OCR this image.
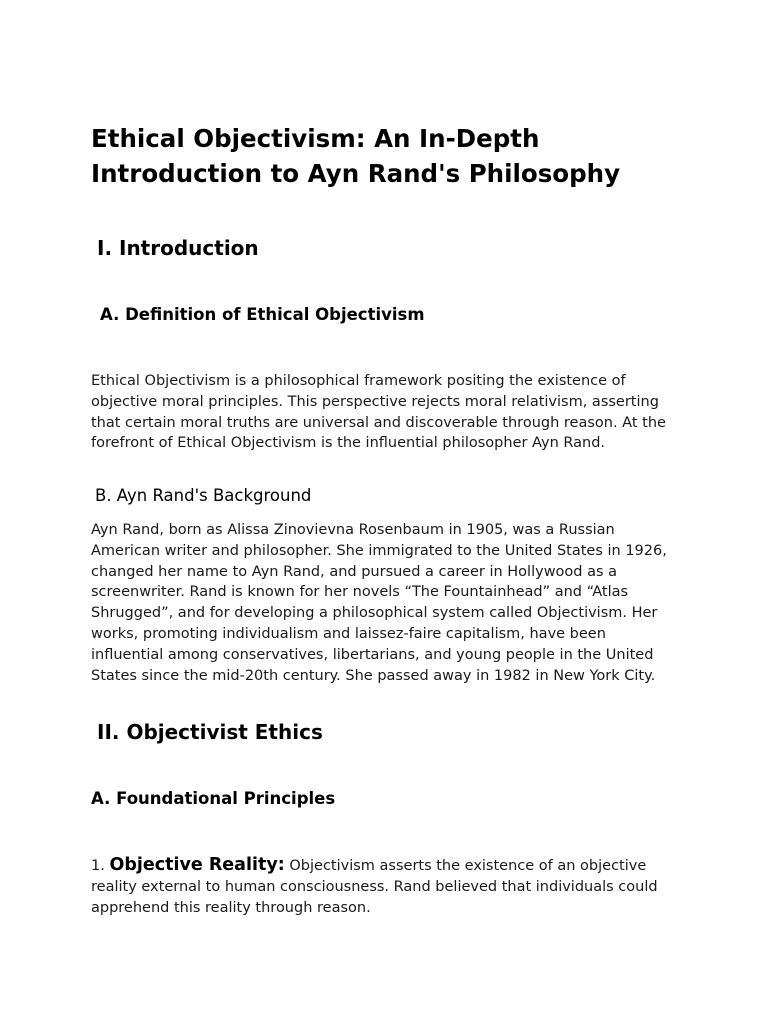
Ethical Objectivism: An In-Depth Introduction to Ayn Rand's Philosophy
I. Introduction
A. Definition of Ethical Objectivism

Ethical Objectivism is a philosophical framework positing the existence of objective moral principles. This perspective rejects moral relativism, asserting that certain moral truths are universal and discoverable through reason. At the forefront of Ethical Objectivism is the influential philosopher Ayn Rand.

B. Ayn Rand's Background

Ayn Rand, born as Alissa Zinovievna Rosenbaum in 1905, was a Russian American writer and philosopher. She immigrated to the United States in 1926, changed her name to Ayn Rand, and pursued a career in Hollywood as a screenwriter. Rand is known for her novels “The Fountainhead” and “Atlas Shrugged”, and for developing a philosophical system called Objectivism. Her works, promoting individualism and laissez-faire capitalism, have been influential among conservatives, libertarians, and young people in the United States since the mid-20th century. She passed away in 1982 in New York City.

II. Objectivist Ethics
A. Foundational Principles

1. Objective Reality: Objectivism asserts the existence of an objective reality external to human consciousness. Rand believed that individuals could apprehend this reality through reason.
